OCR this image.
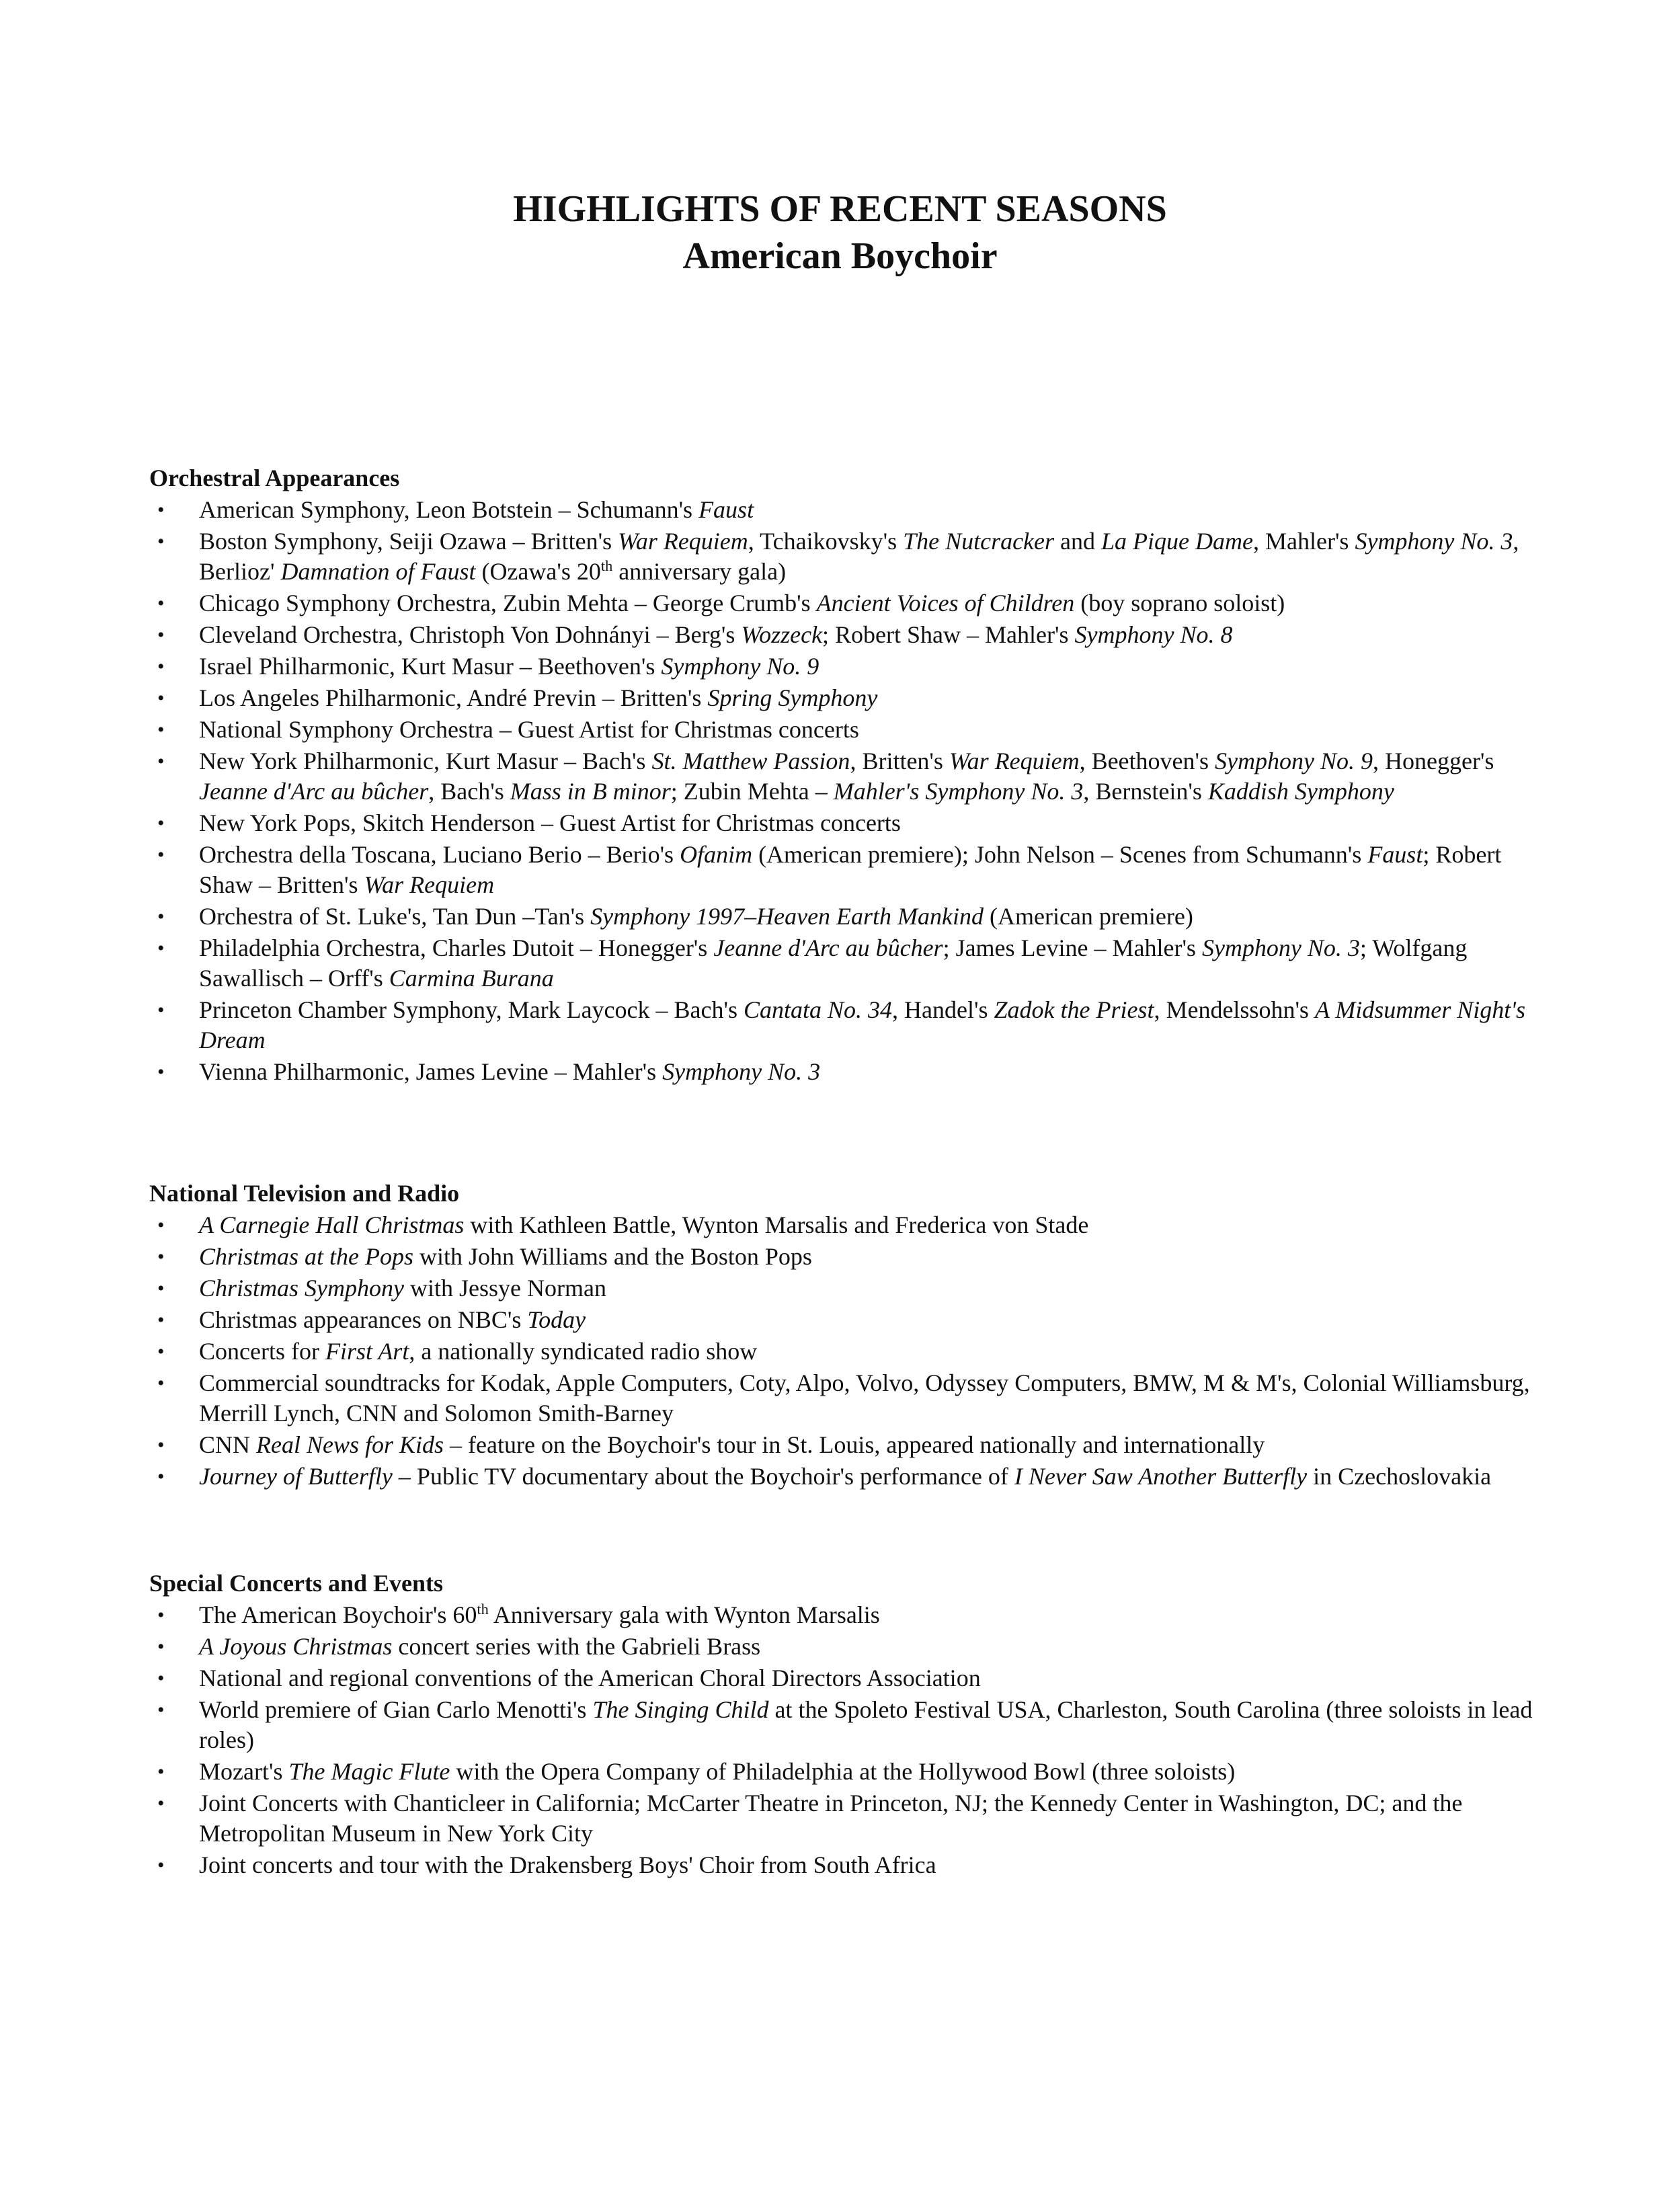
HIGHLIGHTS OF RECENT SEASONS
American Boychoir
Orchestral Appearances
• American Symphony, Leon Botstein – Schumann's Faust
• Boston Symphony, Seiji Ozawa – Britten's War Requiem, Tchaikovsky's The Nutcracker and La Pique Dame, Mahler's Symphony No. 3, Berlioz' Damnation of Faust (Ozawa's 20th anniversary gala)
• Chicago Symphony Orchestra, Zubin Mehta – George Crumb's Ancient Voices of Children (boy soprano soloist)
• Cleveland Orchestra, Christoph Von Dohnányi – Berg's Wozzeck; Robert Shaw – Mahler's Symphony No. 8
• Israel Philharmonic, Kurt Masur – Beethoven's Symphony No. 9
• Los Angeles Philharmonic, André Previn – Britten's Spring Symphony
• National Symphony Orchestra – Guest Artist for Christmas concerts
• New York Philharmonic, Kurt Masur – Bach's St. Matthew Passion, Britten's War Requiem, Beethoven's Symphony No. 9, Honegger's Jeanne d'Arc au bûcher, Bach's Mass in B minor; Zubin Mehta – Mahler's Symphony No. 3, Bernstein's Kaddish Symphony
• New York Pops, Skitch Henderson – Guest Artist for Christmas concerts
• Orchestra della Toscana, Luciano Berio – Berio's Ofanim (American premiere); John Nelson – Scenes from Schumann's Faust; Robert Shaw – Britten's War Requiem
• Orchestra of St. Luke's, Tan Dun –Tan's Symphony 1997–Heaven Earth Mankind (American premiere)
• Philadelphia Orchestra, Charles Dutoit – Honegger's Jeanne d'Arc au bûcher; James Levine – Mahler's Symphony No. 3; Wolfgang Sawallisch – Orff's Carmina Burana
• Princeton Chamber Symphony, Mark Laycock – Bach's Cantata No. 34, Handel's Zadok the Priest, Mendelssohn's A Midsummer Night's Dream
• Vienna Philharmonic, James Levine – Mahler's Symphony No. 3
National Television and Radio
• A Carnegie Hall Christmas with Kathleen Battle, Wynton Marsalis and Frederica von Stade
• Christmas at the Pops with John Williams and the Boston Pops
• Christmas Symphony with Jessye Norman
• Christmas appearances on NBC's Today
• Concerts for First Art, a nationally syndicated radio show
• Commercial soundtracks for Kodak, Apple Computers, Coty, Alpo, Volvo, Odyssey Computers, BMW, M & M's, Colonial Williamsburg, Merrill Lynch, CNN and Solomon Smith-Barney
• CNN Real News for Kids – feature on the Boychoir's tour in St. Louis, appeared nationally and internationally
• Journey of Butterfly – Public TV documentary about the Boychoir's performance of I Never Saw Another Butterfly in Czechoslovakia
Special Concerts and Events
• The American Boychoir's 60th Anniversary gala with Wynton Marsalis
• A Joyous Christmas concert series with the Gabrieli Brass
• National and regional conventions of the American Choral Directors Association
• World premiere of Gian Carlo Menotti's The Singing Child at the Spoleto Festival USA, Charleston, South Carolina (three soloists in lead roles)
• Mozart's The Magic Flute with the Opera Company of Philadelphia at the Hollywood Bowl (three soloists)
• Joint Concerts with Chanticleer in California; McCarter Theatre in Princeton, NJ; the Kennedy Center in Washington, DC; and the Metropolitan Museum in New York City
• Joint concerts and tour with the Drakensberg Boys' Choir from South Africa
